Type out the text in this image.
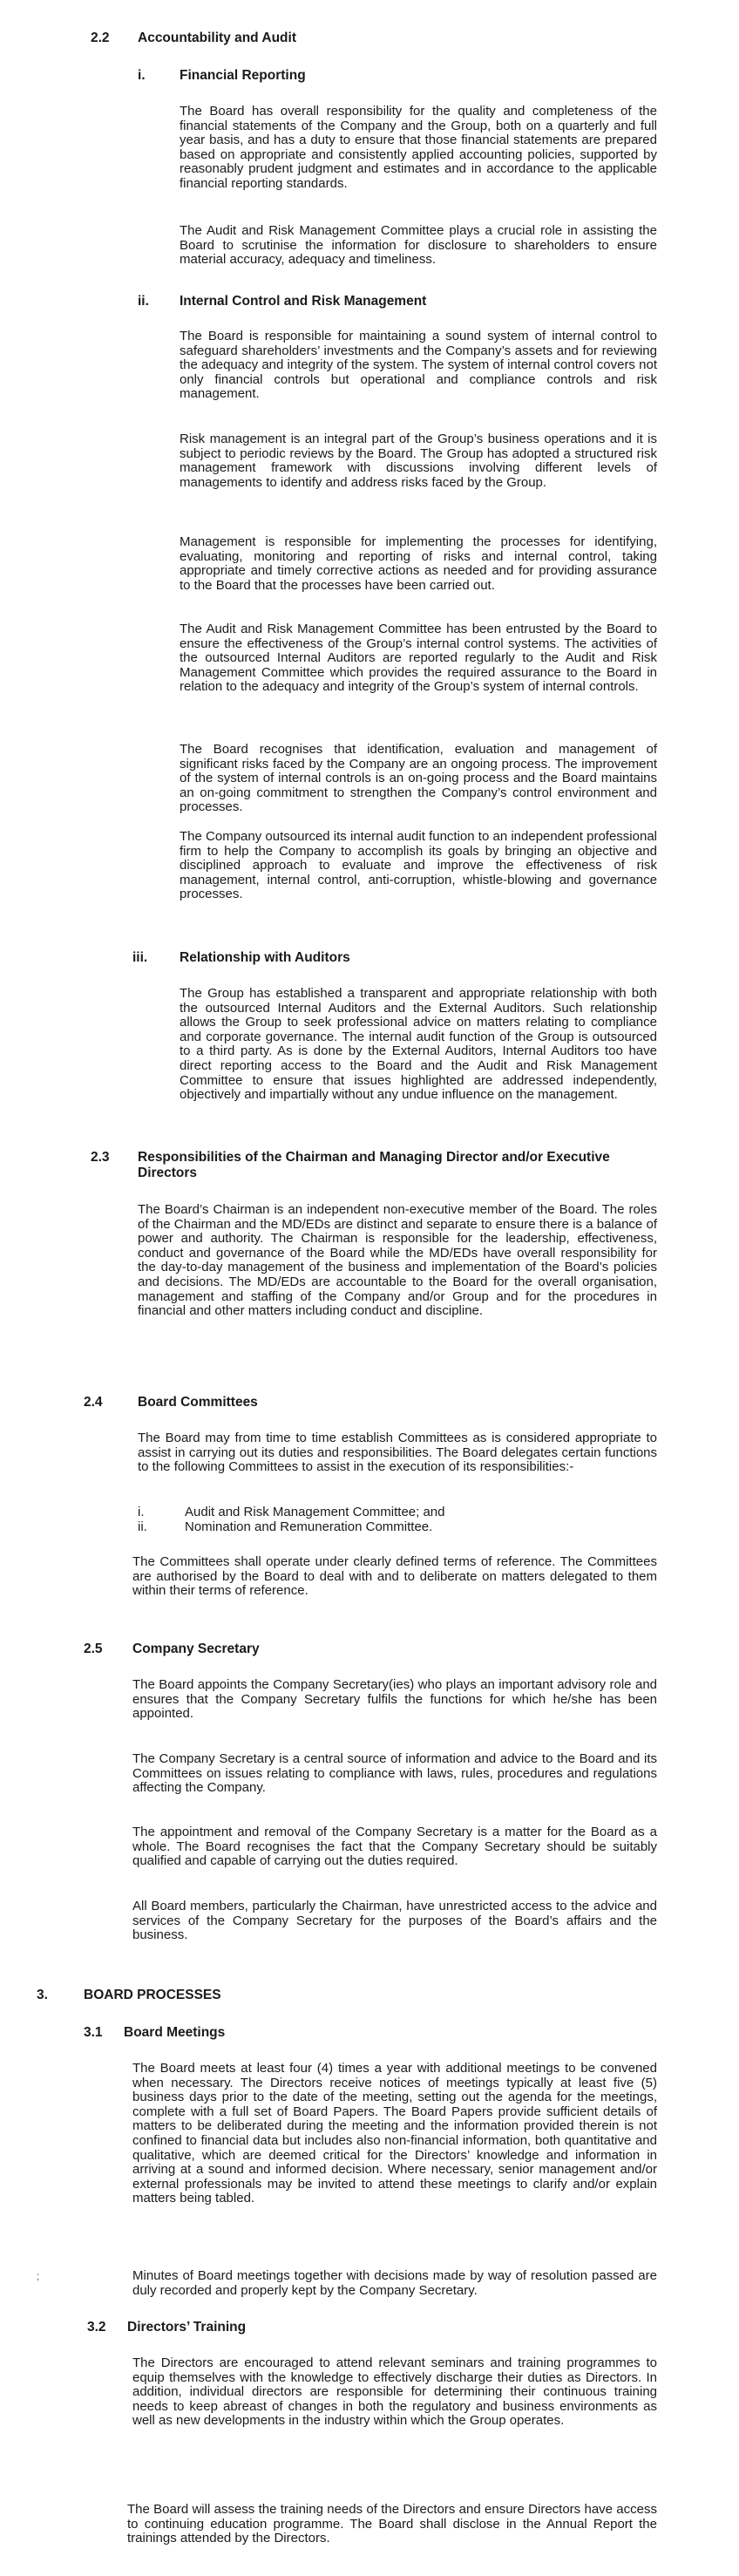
2.2 Accountability and Audit
i.	Financial Reporting

The Board has overall responsibility for the quality and completeness of the financial statements of the Company and the Group, both on a quarterly and full year basis, and has a duty to ensure that those financial statements are prepared based on appropriate and consistently applied accounting policies, supported by reasonably prudent judgment and estimates and in accordance to the applicable financial reporting standards.

The Audit and Risk Management Committee plays a crucial role in assisting the Board to scrutinise the information for disclosure to shareholders to ensure material accuracy, adequacy and timeliness.

ii. Internal Control and Risk Management

The Board is responsible for maintaining a sound system of internal control to safeguard shareholders’ investments and the Company’s assets and for reviewing the adequacy and integrity of the system. The system of internal control covers not only financial controls but operational and compliance controls and risk management.

Risk management is an integral part of the Group’s business operations and it is subject to periodic reviews by the Board. The Group has adopted a structured risk management framework with discussions involving different levels of managements to identify and address risks faced by the Group.

Management is responsible for implementing the processes for identifying, evaluating, monitoring and reporting of risks and internal control, taking appropriate and timely corrective actions as needed and for providing assurance to the Board that the processes have been carried out.

The Audit and Risk Management Committee has been entrusted by the Board to ensure the effectiveness of the Group’s internal control systems. The activities of the outsourced Internal Auditors are reported regularly to the Audit and Risk Management Committee which provides the required assurance to the Board in relation to the adequacy and integrity of the Group’s system of internal controls.

The Board recognises that identification, evaluation and management of significant risks faced by the Company are an ongoing process. The improvement of the system of internal controls is an on-going process and the Board maintains an on-going commitment to strengthen the Company’s control environment and processes.

The Company outsourced its internal audit function to an independent professional firm to help the Company to accomplish its goals by bringing an objective and disciplined approach to evaluate and improve the effectiveness of risk management, internal control, anti-corruption, whistle-blowing and governance processes.

iii. Relationship with Auditors

The Group has established a transparent and appropriate relationship with both the outsourced Internal Auditors and the External Auditors. Such relationship allows the Group to seek professional advice on matters relating to compliance and corporate governance. The internal audit function of the Group is outsourced to a third party. As is done by the External Auditors, Internal Auditors too have direct reporting access to the Board and the Audit and Risk Management Committee to ensure that issues highlighted are addressed independently, objectively and impartially without any undue influence on the management.

2.3 Responsibilities of the Chairman and Managing Director and/or Executive Directors

The Board’s Chairman is an independent non-executive member of the Board. The roles of the Chairman and the MD/EDs are distinct and separate to ensure there is a balance of power and authority. The Chairman is responsible for the leadership, effectiveness, conduct and governance of the Board while the MD/EDs have overall responsibility for the day-to-day management of the business and implementation of the Board’s policies and decisions. The MD/EDs are accountable to the Board for the overall organisation, management and staffing of the Company and/or Group and for the procedures in financial and other matters including conduct and discipline.

2.4	Board Committees

The Board may from time to time establish Committees as is considered appropriate to assist in carrying out its duties and responsibilities. The Board delegates certain functions to the following Committees to assist in the execution of its responsibilities:-

i.	Audit and Risk Management Committee; and
ii.	Nomination and Remuneration Committee.

The Committees shall operate under clearly defined terms of reference. The Committees are authorised by the Board to deal with and to deliberate on matters delegated to them within their terms of reference.

2.5 Company Secretary

The Board appoints the Company Secretary(ies) who plays an important advisory role and ensures that the Company Secretary fulfils the functions for which he/she has been appointed.

The Company Secretary is a central source of information and advice to the Board and its Committees on issues relating to compliance with laws, rules, procedures and regulations affecting the Company.

The appointment and removal of the Company Secretary is a matter for the Board as a whole. The Board recognises the fact that the Company Secretary should be suitably qualified and capable of carrying out the duties required.

All Board members, particularly the Chairman, have unrestricted access to the advice and services of the Company Secretary for the purposes of the Board’s affairs and the business.

3.	BOARD PROCESSES
3.1 Board Meetings

The Board meets at least four (4) times a year with additional meetings to be convened when necessary. The Directors receive notices of meetings typically at least five (5) business days prior to the date of the meeting, setting out the agenda for the meetings, complete with a full set of Board Papers. The Board Papers provide sufficient details of matters to be deliberated during the meeting and the information provided therein is not confined to financial data but includes also non-financial information, both quantitative and qualitative, which are deemed critical for the Directors’ knowledge and information in arriving at a sound and informed decision. Where necessary, senior management and/or external professionals may be invited to attend these meetings to clarify and/or explain matters being tabled.

;	Minutes of Board meetings together with decisions made by way of resolution passed are duly recorded and properly kept by the Company Secretary.

3.2 Directors’ Training

The Directors are encouraged to attend relevant seminars and training programmes to equip themselves with the knowledge to effectively discharge their duties as Directors. In addition, individual directors are responsible for determining their continuous training needs to keep abreast of changes in both the regulatory and business environments as well as new developments in the industry within which the Group operates.

The Board will assess the training needs of the Directors and ensure Directors have access to continuing education programme. The Board shall disclose in the Annual Report the trainings attended by the Directors.
